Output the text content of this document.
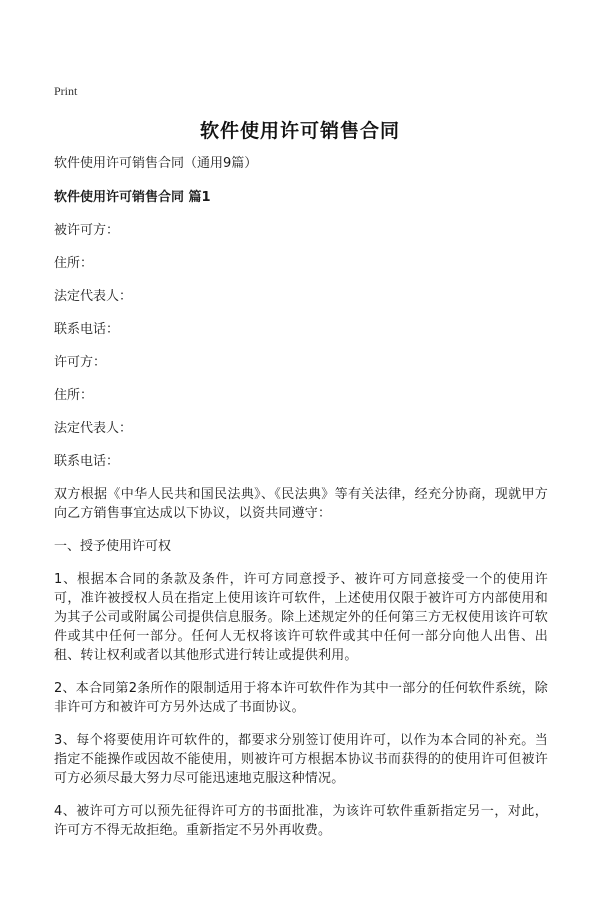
Print
软件使用许可销售合同
软件使用许可销售合同（通用9篇）
软件使用许可销售合同 篇1
被许可方：
住所：
法定代表人：
联系电话：
许可方：
住所：
法定代表人：
联系电话：

双方根据《中华人民共和国民法典》、《民法典》等有关法律，经充分协商，现就甲方向乙方销售事宜达成以下协议，以资共同遵守：

一、授予使用许可权

1、根据本合同的条款及条件，许可方同意授予、被许可方同意接受一个的使用许可，准许被授权人员在指定上使用该许可软件，上述使用仅限于被许可方内部使用和为其子公司或附属公司提供信息服务。除上述规定外的任何第三方无权使用该许可软件或其中任何一部分。任何人无权将该许可软件或其中任何一部分向他人出售、出租、转让权利或者以其他形式进行转让或提供利用。

2、本合同第2条所作的限制适用于将本许可软件作为其中一部分的任何软件系统，除非许可方和被许可方另外达成了书面协议。

3、每个将要使用许可软件的，都要求分别签订使用许可，以作为本合同的补充。当指定不能操作或因故不能使用，则被许可方根据本协议书而获得的的使用许可但被许可方必须尽最大努力尽可能迅速地克服这种情况。

4、被许可方可以预先征得许可方的书面批准，为该许可软件重新指定另一，对此，许可方不得无故拒绝。重新指定不另外再收费。
